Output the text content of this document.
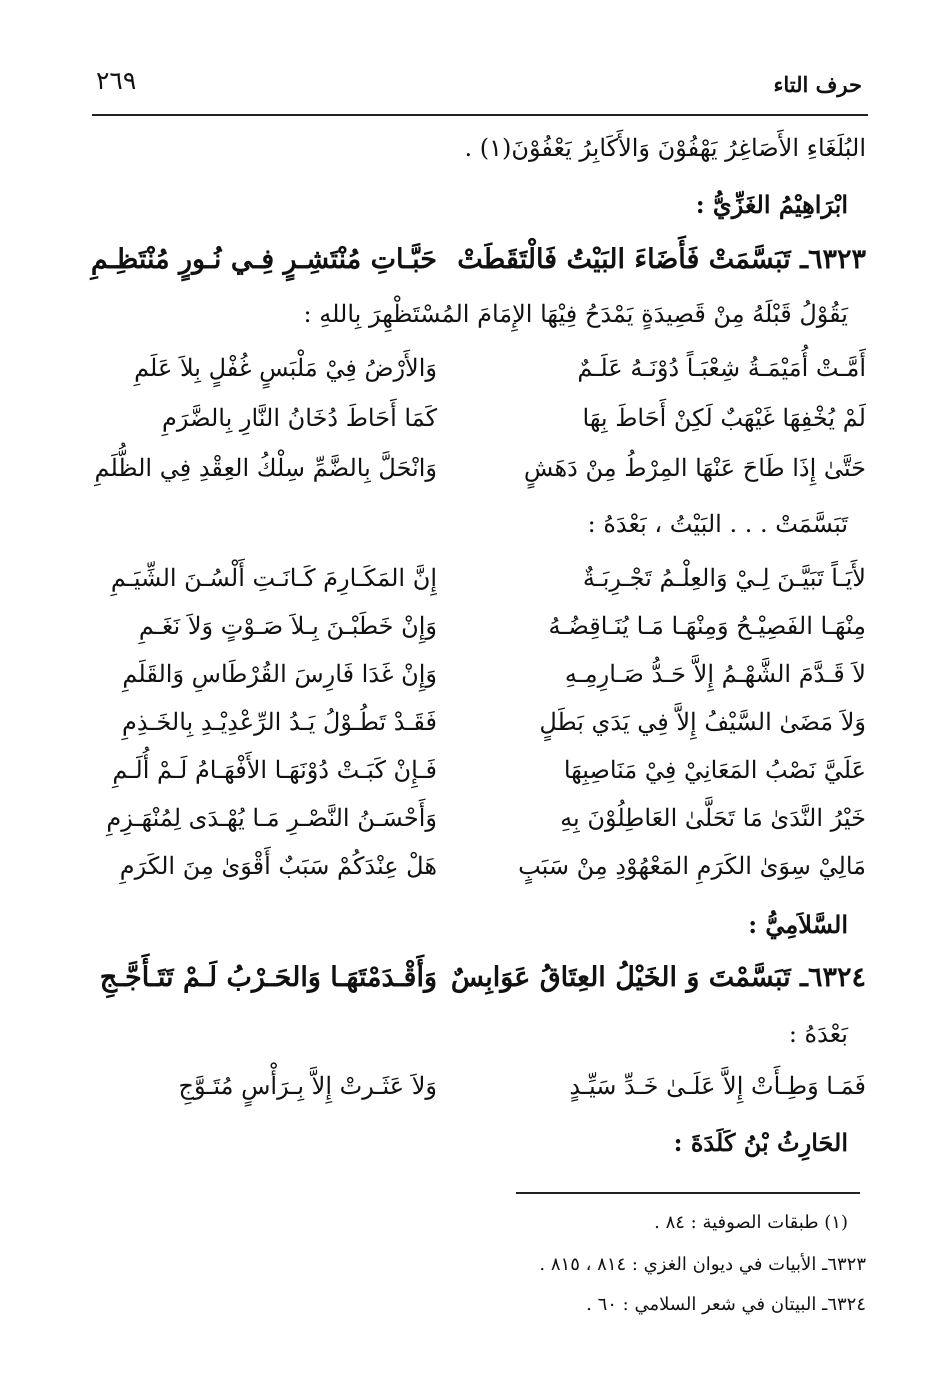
حرف التاء
٢٦٩
البُلَغَاءِ الأَصَاغِرُ يَهْفُوْنَ وَالأَكَابِرُ يَعْفُوْنَ(١) .
ابْرَاهِيْمُ الغَزِّيُّ :
٦٣٢٣ـ تَبَسَّمَتْ فَأَضَاءَ البَيْتُ فَالْتَقَطَتْ
حَبَّـاتِ مُنْتَشِـرٍ فِـي نُـورٍ مُنْتَظِـمِ
يَقُوْلُ قَبْلَهُ مِنْ قَصِيدَةٍ يَمْدَحُ فِيْهَا الإِمَامَ المُسْتَظْهِرَ بِاللهِ :
أَمَّـتْ أُمَيْمَـةُ شِعْبَـاً دُوْنَـهُ عَلَـمٌ
وَالأَرْضُ فِيْ مَلْبَسٍ غُفْلٍ بِلاَ عَلَمِ
لَمْ يُخْفِهَا غَيْهَبٌ لَكِنْ أَحَاطَ بِهَا
كَمَا أَحَاطَ دُخَانُ النَّارِ بِالضَّرَمِ
حَتَّىٰ إِذَا طَاحَ عَنْهَا المِرْطُ مِنْ دَهَشٍ
وَانْحَلَّ بِالضَّمِّ سِلْكُ العِقْدِ فِي الظُّلَمِ
تَبَسَّمَتْ . . . البَيْتُ ، بَعْدَهُ :
لأَيَـاً تَبَيَّـنَ لِـيْ وَالعِلْـمُ تَجْـرِبَـةٌ
إِنَّ المَكَـارِمَ كَـانَـتِ أَلْسُـنَ الشِّيَـمِ
مِنْهَـا الفَصِيْـحُ وَمِنْهَـا مَـا يُنَـاقِضُـهُ
وَإِنْ خَطَبْـنَ بِـلاَ صَـوْتٍ وَلاَ نَغَـمِ
لاَ قَـدَّمَ الشَّهْـمُ إِلاَّ حَـدُّ صَـارِمِـهِ
وَإِنْ غَدَا فَارِسَ القُرْطَاسِ وَالقَلَمِ
وَلاَ مَضَىٰ السَّيْفُ إِلاَّ فِي يَدَي بَطَلٍ
فَقَـدْ تَطُـوْلُ يَـدُ الرِّعْدِيْـدِ بِالخَـذِمِ
عَلَيَّ نَصْبُ المَعَانِيْ فِيْ مَنَاصِبِهَا
فَـإِنْ كَبَـتْ دُوْنَهَـا الأَفْهَـامُ لَـمْ أُلَـمِ
خَيْرُ النَّدَىٰ مَا تَحَلَّىٰ العَاطِلُوْنَ بِهِ
وَأَحْسَـنُ النَّصْـرِ مَـا يُهْـدَى لِمُنْهَـزِمِ
مَالِيْ سِوَىٰ الكَرَمِ المَعْهُوْدِ مِنْ سَبَبٍ
هَلْ عِنْدَكُمْ سَبَبٌ أَقْوَىٰ مِنَ الكَرَمِ
السَّلاَمِيُّ :
٦٣٢٤ـ تَبَسَّمْتَ وَ الخَيْلُ العِتَاقُ عَوَابِسٌ
وَأَقْـدَمْتَهَـا وَالحَـرْبُ لَـمْ تَتَـأَجَّـجِ
بَعْدَهُ :
فَمَـا وَطِـأَتْ إِلاَّ عَلَـىٰ خَـدِّ سَيِّـدٍ
وَلاَ عَثَـرتْ إِلاَّ بِـرَأْسٍ مُتَـوَّجِ
الحَارِثُ بْنُ كَلَدَةَ :
(١) طبقات الصوفية : ٨٤ .
٦٣٢٣ـ الأبيات في ديوان الغزي : ٨١٤ ، ٨١٥ .
٦٣٢٤ـ البيتان في شعر السلامي : ٦٠ .
